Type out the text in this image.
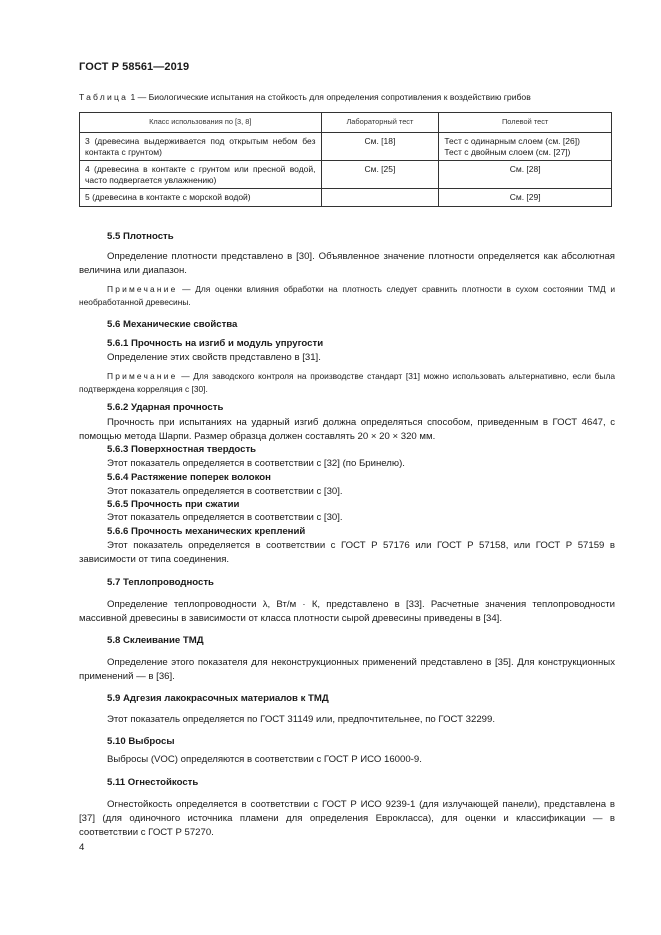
ГОСТ Р 58561—2019
Таблица 1 — Биологические испытания на стойкость для определения сопротивления к воздействию грибов
Класс использования по [3, 8]	Лабораторный тест	Полевой тест
3 (древесина выдерживается под открытым небом без контакта с грунтом)	См. [18]	Тест с одинарным слоем (см. [26])
Тест с двойным слоем (см. [27])

4 (древесина в контакте с грунтом или пресной водой, часто подвергается увлажнению)	См. [25]	См. [28]
5 (древесина в контакте с морской водой)		См. [29]
5.5 Плотность
Определение плотности представлено в [30]. Объявленное значение плотности определяется как абсолютная величина или диапазон.
Примечание — Для оценки влияния обработки на плотность следует сравнить плотности в сухом состоянии ТМД и необработанной древесины.
5.6 Механические свойства
5.6.1 Прочность на изгиб и модуль упругости
Определение этих свойств представлено в [31].
Примечание — Для заводского контроля на производстве стандарт [31] можно использовать альтернативно, если была подтверждена корреляция с [30].
5.6.2 Ударная прочность
Прочность при испытаниях на ударный изгиб должна определяться способом, приведенным в ГОСТ 4647, с помощью метода Шарпи. Размер образца должен составлять 20 × 20 × 320 мм.
5.6.3 Поверхностная твердость
Этот показатель определяется в соответствии с [32] (по Бринелю).
5.6.4 Растяжение поперек волокон
Этот показатель определяется в соответствии с [30].
5.6.5 Прочность при сжатии
Этот показатель определяется в соответствии с [30].
5.6.6 Прочность механических креплений
Этот показатель определяется в соответствии с ГОСТ Р 57176 или ГОСТ Р 57158, или ГОСТ Р 57159 в зависимости от типа соединения.
5.7 Теплопроводность
Определение теплопроводности λ, Вт/м · К, представлено в [33]. Расчетные значения теплопроводности массивной древесины в зависимости от класса плотности сырой древесины приведены в [34].
5.8 Склеивание ТМД
Определение этого показателя для неконструкционных применений представлено в [35]. Для конструкционных применений — в [36].
5.9 Адгезия лакокрасочных материалов к ТМД
Этот показатель определяется по ГОСТ 31149 или, предпочтительнее, по ГОСТ 32299.
5.10 Выбросы
Выбросы (VOC) определяются в соответствии с ГОСТ Р ИСО 16000-9.
5.11 Огнестойкость
Огнестойкость определяется в соответствии с ГОСТ Р ИСО 9239-1 (для излучающей панели), представлена в [37] (для одиночного источника пламени для определения Еврокласса), для оценки и классификации — в соответствии с ГОСТ Р 57270.
4
